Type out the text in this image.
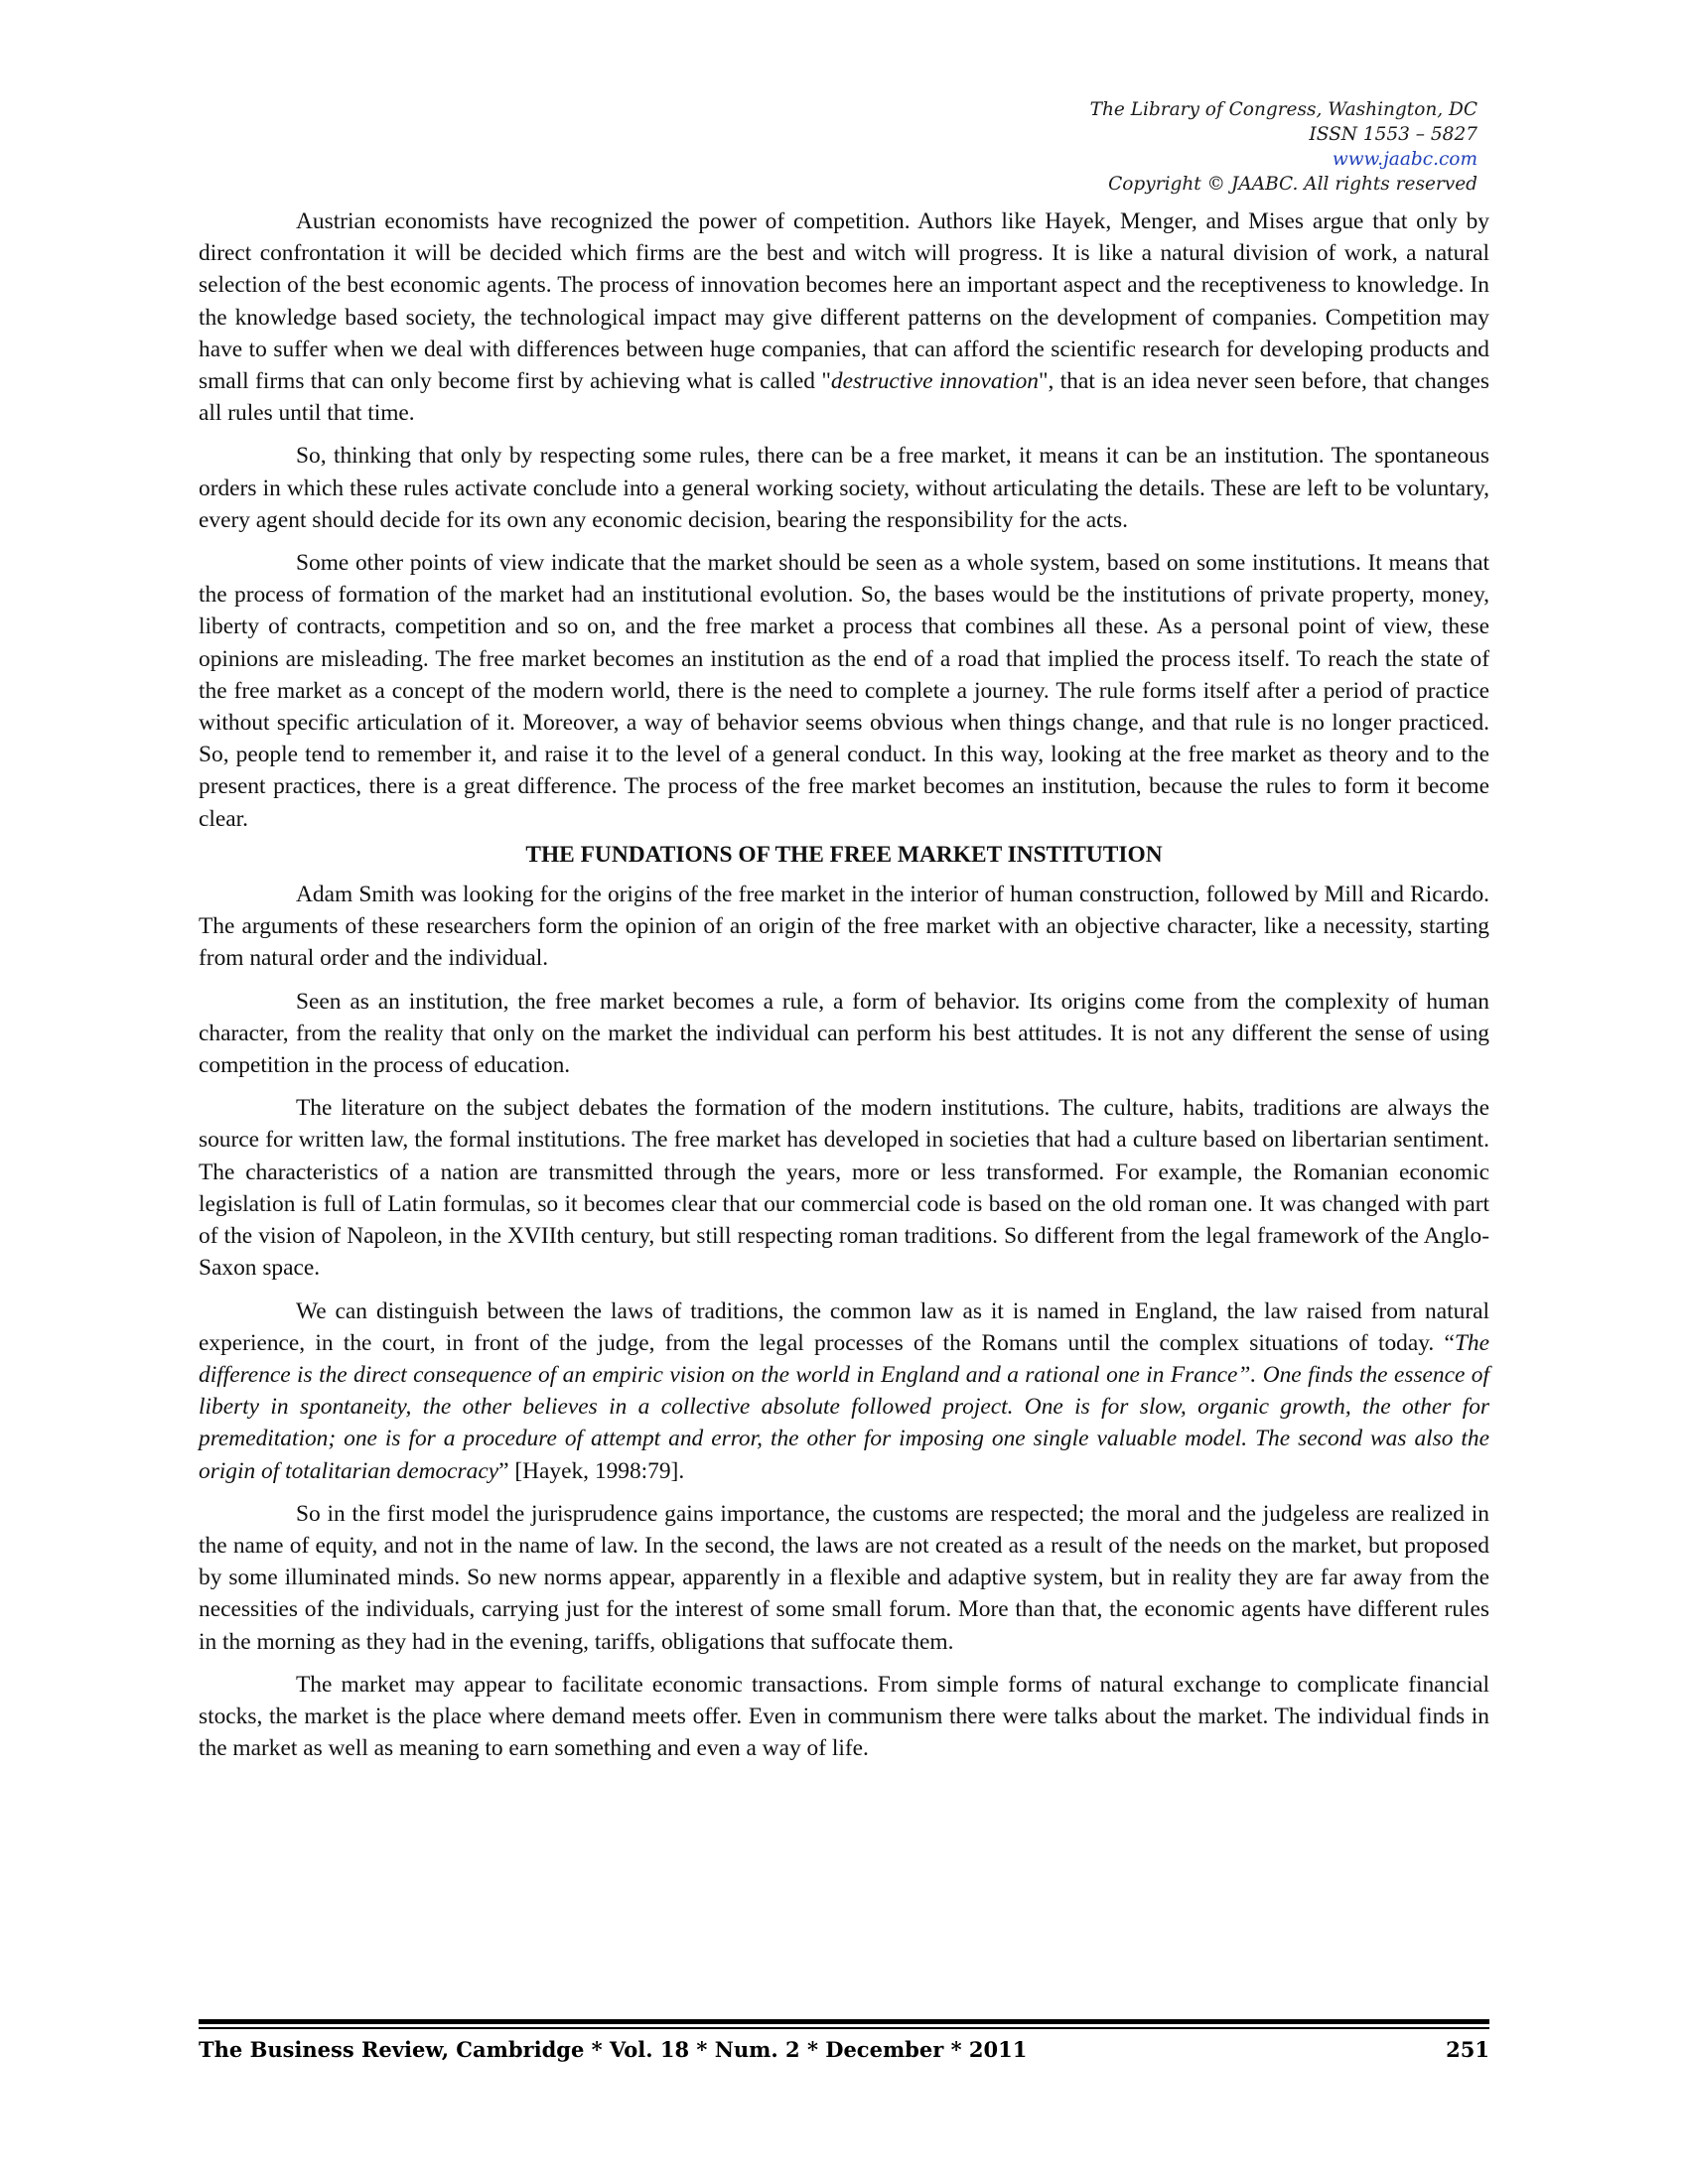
The Library of Congress, Washington, DC
ISSN 1553 – 5827
www.jaabc.com
Copyright © JAABC. All rights reserved

Austrian economists have recognized the power of competition. Authors like Hayek, Menger, and Mises argue that only by direct confrontation it will be decided which firms are the best and witch will progress. It is like a natural division of work, a natural selection of the best economic agents. The process of innovation becomes here an important aspect and the receptiveness to knowledge. In the knowledge based society, the technological impact may give different patterns on the development of companies. Competition may have to suffer when we deal with differences between huge companies, that can afford the scientific research for developing products and small firms that can only become first by achieving what is called "destructive innovation", that is an idea never seen before, that changes all rules until that time.

So, thinking that only by respecting some rules, there can be a free market, it means it can be an institution. The spontaneous orders in which these rules activate conclude into a general working society, without articulating the details. These are left to be voluntary, every agent should decide for its own any economic decision, bearing the responsibility for the acts.

Some other points of view indicate that the market should be seen as a whole system, based on some institutions. It means that the process of formation of the market had an institutional evolution. So, the bases would be the institutions of private property, money, liberty of contracts, competition and so on, and the free market a process that combines all these. As a personal point of view, these opinions are misleading. The free market becomes an institution as the end of a road that implied the process itself. To reach the state of the free market as a concept of the modern world, there is the need to complete a journey. The rule forms itself after a period of practice without specific articulation of it. Moreover, a way of behavior seems obvious when things change, and that rule is no longer practiced. So, people tend to remember it, and raise it to the level of a general conduct. In this way, looking at the free market as theory and to the present practices, there is a great difference. The process of the free market becomes an institution, because the rules to form it become clear.

THE FUNDATIONS OF THE FREE MARKET INSTITUTION

Adam Smith was looking for the origins of the free market in the interior of human construction, followed by Mill and Ricardo. The arguments of these researchers form the opinion of an origin of the free market with an objective character, like a necessity, starting from natural order and the individual.

Seen as an institution, the free market becomes a rule, a form of behavior. Its origins come from the complexity of human character, from the reality that only on the market the individual can perform his best attitudes. It is not any different the sense of using competition in the process of education.

The literature on the subject debates the formation of the modern institutions. The culture, habits, traditions are always the source for written law, the formal institutions. The free market has developed in societies that had a culture based on libertarian sentiment. The characteristics of a nation are transmitted through the years, more or less transformed. For example, the Romanian economic legislation is full of Latin formulas, so it becomes clear that our commercial code is based on the old roman one. It was changed with part of the vision of Napoleon, in the XVIIth century, but still respecting roman traditions. So different from the legal framework of the Anglo-Saxon space.

We can distinguish between the laws of traditions, the common law as it is named in England, the law raised from natural experience, in the court, in front of the judge, from the legal processes of the Romans until the complex situations of today. “The difference is the direct consequence of an empiric vision on the world in England and a rational one in France”. One finds the essence of liberty in spontaneity, the other believes in a collective absolute followed project. One is for slow, organic growth, the other for premeditation; one is for a procedure of attempt and error, the other for imposing one single valuable model. The second was also the origin of totalitarian democracy” [Hayek, 1998:79].

So in the first model the jurisprudence gains importance, the customs are respected; the moral and the judgeless are realized in the name of equity, and not in the name of law. In the second, the laws are not created as a result of the needs on the market, but proposed by some illuminated minds. So new norms appear, apparently in a flexible and adaptive system, but in reality they are far away from the necessities of the individuals, carrying just for the interest of some small forum. More than that, the economic agents have different rules in the morning as they had in the evening, tariffs, obligations that suffocate them.

The market may appear to facilitate economic transactions. From simple forms of natural exchange to complicate financial stocks, the market is the place where demand meets offer. Even in communism there were talks about the market. The individual finds in the market as well as meaning to earn something and even a way of life.

The Business Review, Cambridge * Vol. 18 * Num. 2 * December * 2011	251
